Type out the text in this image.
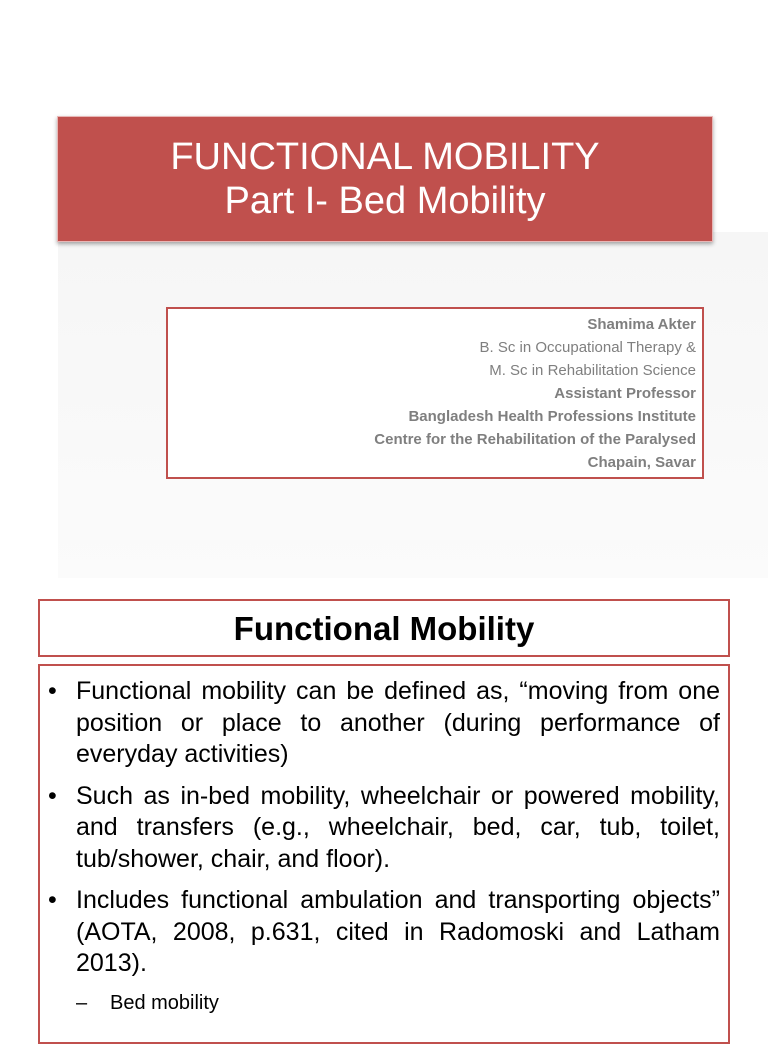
FUNCTIONAL MOBILITY
Part I- Bed Mobility
Shamima Akter
B. Sc in Occupational Therapy &
M. Sc in Rehabilitation Science
Assistant Professor
Bangladesh Health Professions Institute
Centre for the Rehabilitation of the Paralysed
Chapain, Savar
Functional Mobility
• Functional mobility can be defined as, “moving from one position or place to another (during performance of everyday activities)
• Such as in-bed mobility, wheelchair or powered mobility, and transfers (e.g., wheelchair, bed, car, tub, toilet, tub/shower, chair, and floor).
• Includes functional ambulation and transporting objects” (AOTA, 2008, p.631, cited in Radomoski and Latham 2013).
– Bed mobility
